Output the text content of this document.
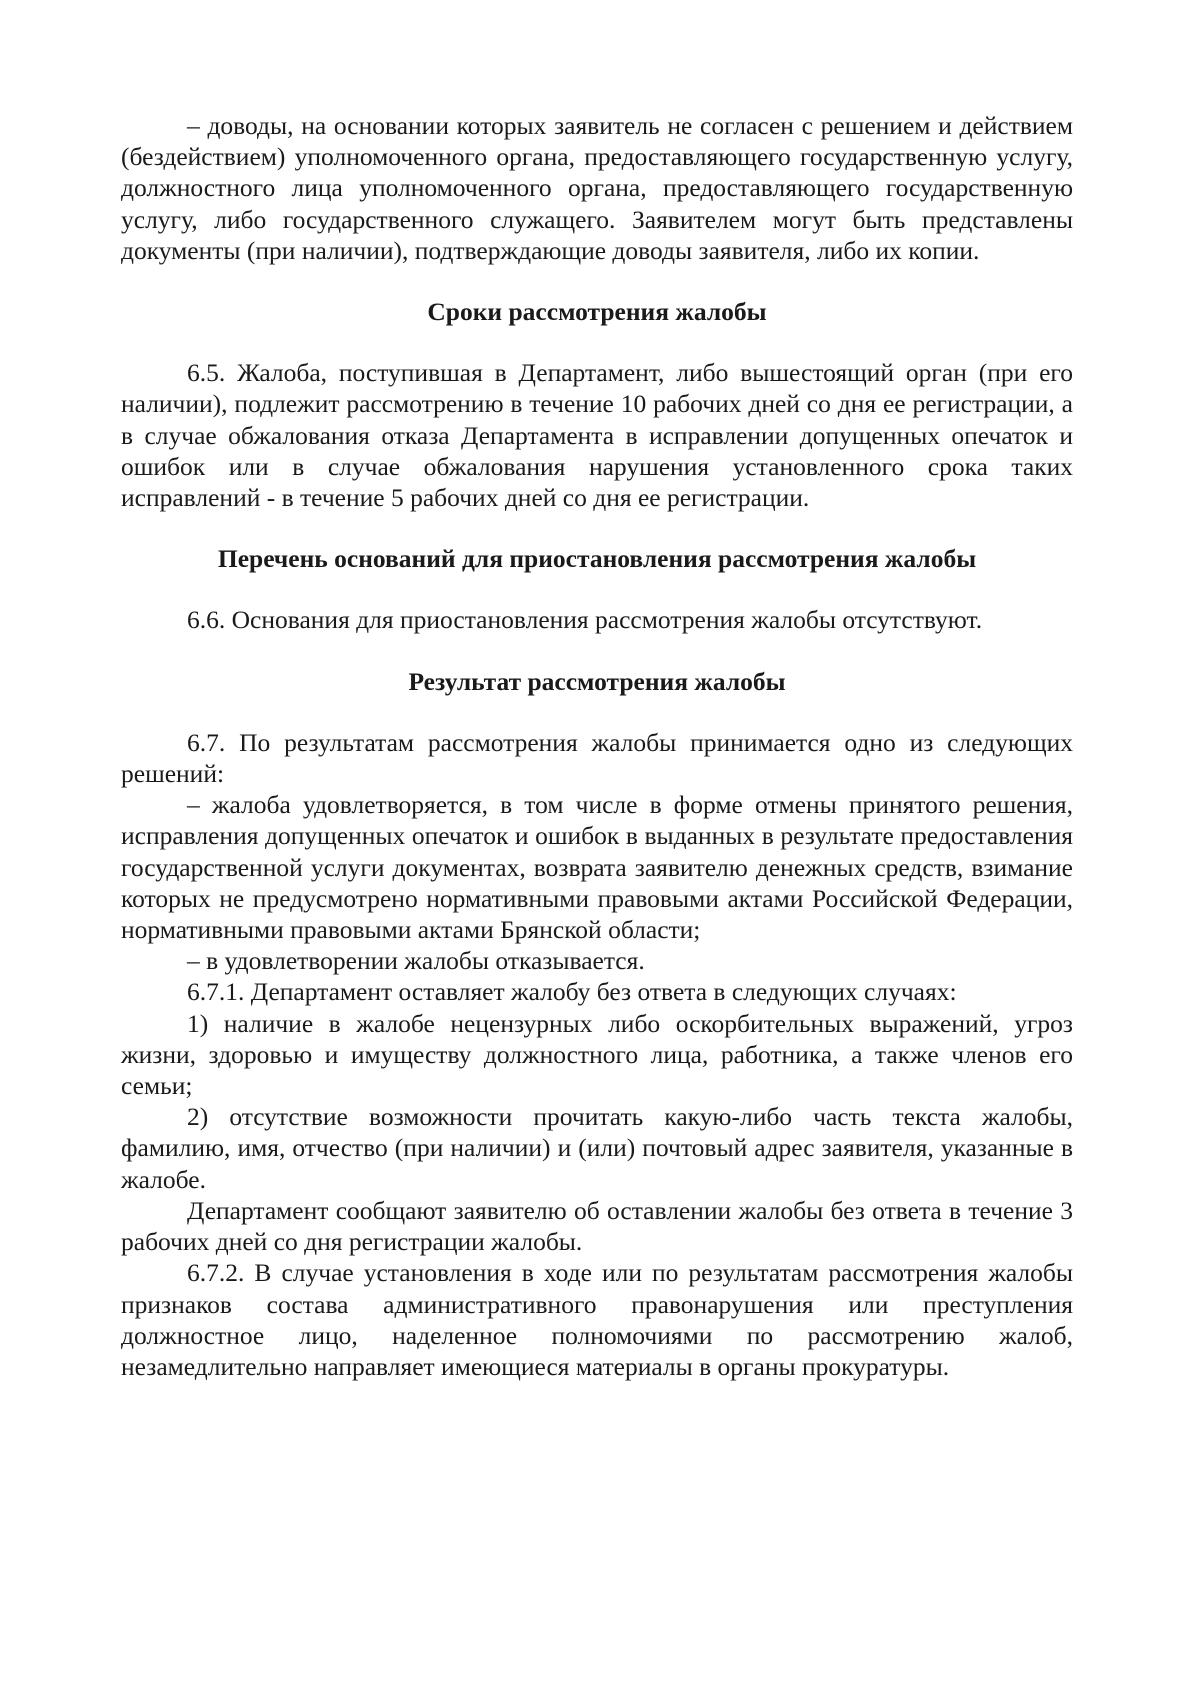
– доводы, на основании которых заявитель не согласен с решением и действием (бездействием) уполномоченного органа, предоставляющего государственную услугу, должностного лица уполномоченного органа, предоставляющего государственную услугу, либо государственного служащего. Заявителем могут быть представлены документы (при наличии), подтверждающие доводы заявителя, либо их копии.

Сроки рассмотрения жалобы

6.5. Жалоба, поступившая в Департамент, либо вышестоящий орган (при его наличии), подлежит рассмотрению в течение 10 рабочих дней со дня ее регистрации, а в случае обжалования отказа Департамента в исправлении допущенных опечаток и ошибок или в случае обжалования нарушения установленного срока таких исправлений - в течение 5 рабочих дней со дня ее регистрации.

Перечень оснований для приостановления рассмотрения жалобы

6.6. Основания для приостановления рассмотрения жалобы отсутствуют.

Результат рассмотрения жалобы

6.7. По результатам рассмотрения жалобы принимается одно из следующих решений:

– жалоба удовлетворяется, в том числе в форме отмены принятого решения, исправления допущенных опечаток и ошибок в выданных в результате предоставления государственной услуги документах, возврата заявителю денежных средств, взимание которых не предусмотрено нормативными правовыми актами Российской Федерации, нормативными правовыми актами Брянской области;

– в удовлетворении жалобы отказывается.

6.7.1. Департамент оставляет жалобу без ответа в следующих случаях:

1) наличие в жалобе нецензурных либо оскорбительных выражений, угроз жизни, здоровью и имуществу должностного лица, работника, а также членов его семьи;

2) отсутствие возможности прочитать какую-либо часть текста жалобы, фамилию, имя, отчество (при наличии) и (или) почтовый адрес заявителя, указанные в жалобе.

Департамент сообщают заявителю об оставлении жалобы без ответа в течение 3 рабочих дней со дня регистрации жалобы.

6.7.2. В случае установления в ходе или по результатам рассмотрения жалобы признаков состава административного правонарушения или преступления должностное лицо, наделенное полномочиями по рассмотрению жалоб, незамедлительно направляет имеющиеся материалы в органы прокуратуры.
